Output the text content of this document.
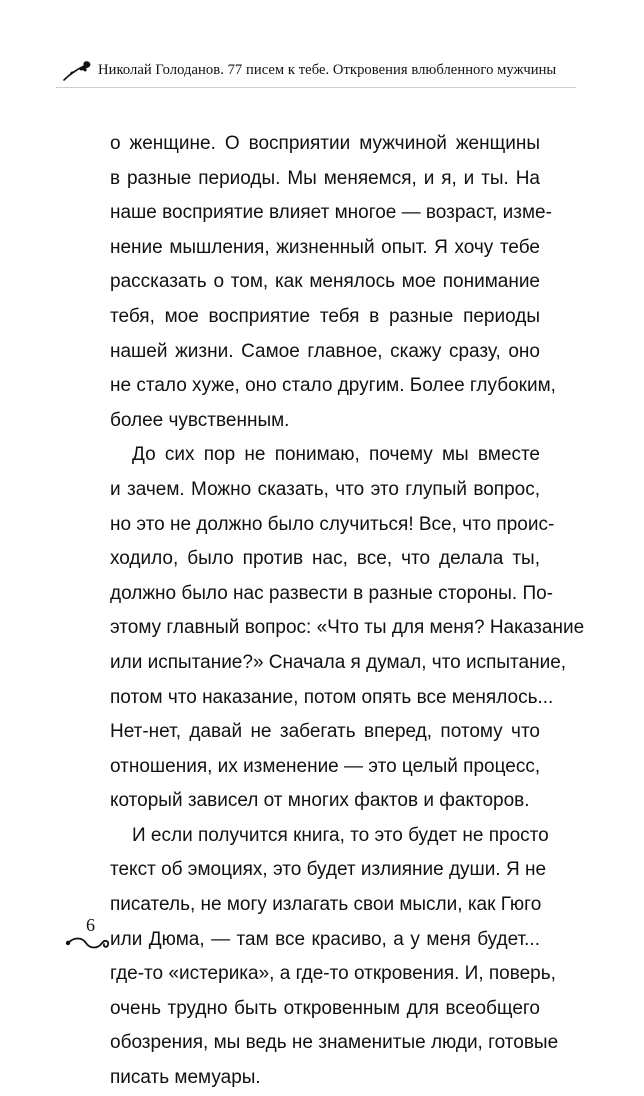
Николай Голоданов. 77 писем к тебе. Откровения влюбленного мужчины
о женщине. О восприятии мужчиной женщины
в разные периоды. Мы меняемся, и я, и ты. На
наше восприятие влияет многое — возраст, изме-
нение мышления, жизненный опыт. Я хочу тебе
рассказать о том, как менялось мое понимание
тебя, мое восприятие тебя в разные периоды
нашей жизни. Самое главное, скажу сразу, оно
не стало хуже, оно стало другим. Более глубоким,
более чувственным.
До сих пор не понимаю, почему мы вместе
и зачем. Можно сказать, что это глупый вопрос,
но это не должно было случиться! Все, что проис-
ходило, было против нас, все, что делала ты,
должно было нас развести в разные стороны. По-
этому главный вопрос: «Что ты для меня? Наказание
или испытание?» Сначала я думал, что испытание,
потом что наказание, потом опять все менялось...
Нет-нет, давай не забегать вперед, потому что
отношения, их изменение — это целый процесс,
который зависел от многих фактов и факторов.
И если получится книга, то это будет не просто
текст об эмоциях, это будет излияние души. Я не
писатель, не могу излагать свои мысли, как Гюго
или Дюма, — там все красиво, а у меня будет...
где-то «истерика», а где-то откровения. И, поверь,
очень трудно быть откровенным для всеобщего
обозрения, мы ведь не знаменитые люди, готовые
писать мемуары.
6
